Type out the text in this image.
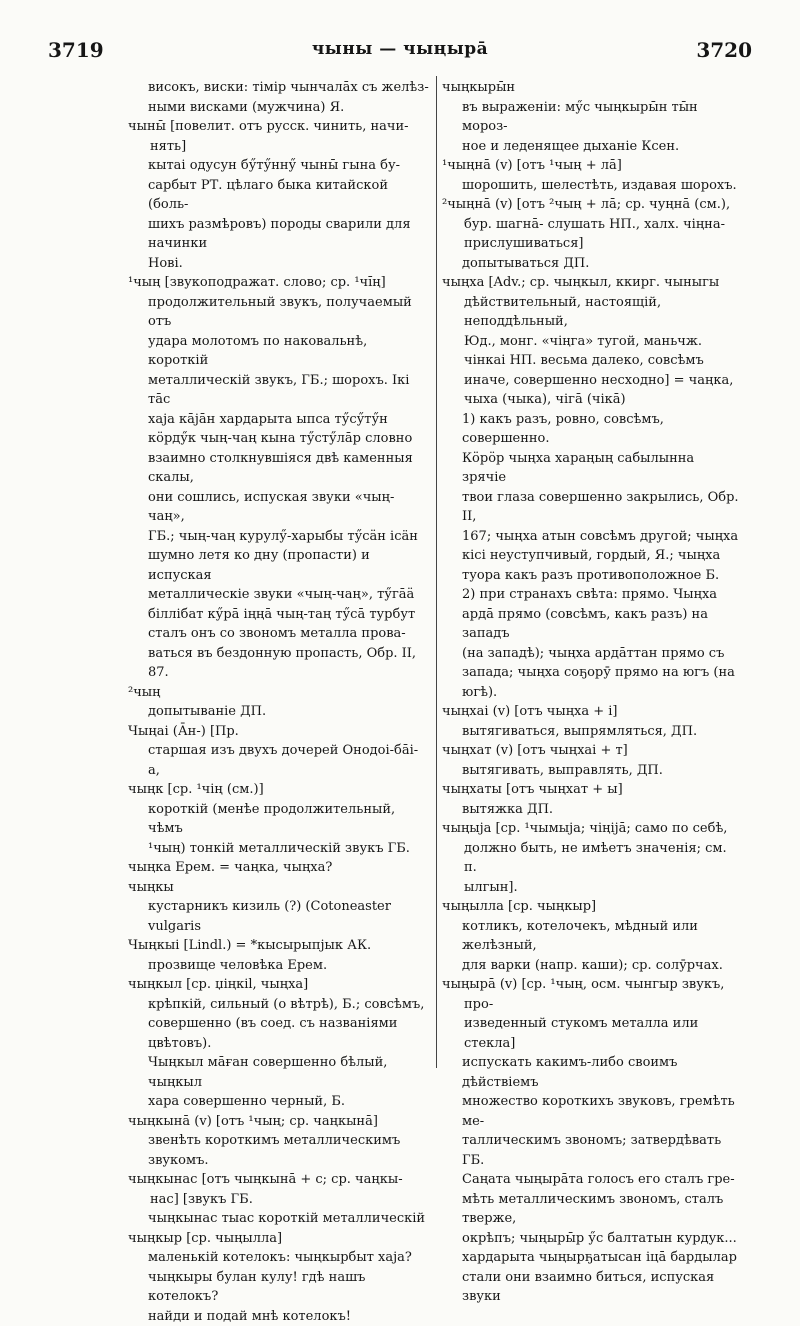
3719	чыны — чыңыра̄	3720

високъ, виски: тімір чынчала̄х съ желѣз-
ными висками (мужчина) Я.

чыны̄ [повелит. отъ русск. чинить, начи-
нять]

кытаі одусун бӳтӳннӳ чыны̄ гына бу-
сарбыт РТ. цѣлаго быка китайской (боль-
шихъ размѣровъ) породы сварили для начинки
Нові.

¹чың [звукоподражат. слово; ср. ¹чі̄ң]

продолжительный звукъ, получаемый отъ
удара молотомъ по наковальнѣ, короткій
металлическій звукъ, ГБ.; шорохъ. Ікі та̄с
хаја ка̄ја̄н хардарыта ыпса тӳсӳтӳн
кӧрдӳк чың-чаң кына тӳстӳла̄р словно
взаимно столкнувшіяся двѣ каменныя скалы,
они сошлись, испуская звуки «чың-чаң»,
ГБ.; чың-чаң курулӳ-харыбы тӳсӓн ісäн
шумно летя ко дну (пропасти) и испуская
металлическіе звуки «чың-чаң», тӳга̄ӓ
біллібат кӳра̄ іңңа̄ чың-таң тӳса̄ турбут
сталъ онъ со звономъ металла прова-
ваться въ бездонную пропасть, Обр. II, 87.

²чың

допытываніе ДП.

Чыңаі (А̄н-) [Пр.

старшая изъ двухъ дочерей Онодоі-ба̄і-а,

чыңк [ср. ¹чің (см.)]

короткій (менѣе продолжительный, чѣмъ
¹чың) тонкій металлическій звукъ ГБ.

чыңка Ерем. = чаңка, чыңха?

чыңкы

кустарникъ кизиль (?) (Cotoneaster vulgaris

Чыңкыі [Lindl.) = *кысырыпјык АК.

прозвище человѣка Ерем.

чыңкыл [ср. џіңкіl, чыңха]

крѣпкій, сильный (о вѣтрѣ), Б.; совсѣмъ,
совершенно (въ соед. съ названіями цвѣтовъ).
Чыңкыл ма̄ған совершенно бѣлый, чыңкыл
хара совершенно черный, Б.

чыңкына̄ (v) [отъ ¹чың; ср. чаңкына̄]

звенѣть короткимъ металлическимъ звукомъ.

чыңкынас [отъ чыңкына̄ + с; ср. чаңкы-
нас] [звукъ ГБ.

чыңкынас тыас короткій металлическій

чыңкыр [ср. чыңылла]

маленькій котелокъ: чыңкырбыт хаја?
чыңкыры булан кулу! гдѣ нашъ котелокъ?
найди и подай мнѣ котелокъ!

чыңкыры̄н

въ выраженіи: мӳс чыңкыры̄н ты̄н мороз-
ное и леденящее дыханіе Ксен.

¹чыңна̄ (v) [отъ ¹чың + ла̄]

шорошить, шелестѣть, издавая шорохъ.

²чыңна̄ (v) [отъ ²чың + ла̄; ср. чуңна̄ (см.),
бур. шагна̄- слушать НП., халх. чіңна-
прислушиваться]

допытываться ДП.

чыңха [Adv.; ср. чыңкыл, ккирг. чыныгы
дѣйствительный, настоящій, неподдѣльный,
Юд., монг. «чіңга» тугой, маньчж.
чінкаі НП. весьма далеко, совсѣмъ
иначе, совершенно несходно] = чаңка,
чыха (чыка), чіга̄ (чіка̄)

1) какъ разъ, ровно, совсѣмъ, совершенно.
Кӧрӧр чыңха хараңың сабылынна зрячіе
твои глаза совершенно закрылись, Обр. II,
167; чыңха атын совсѣмъ другой; чыңха
кісі неуступчивый, гордый, Я.; чыңха
туора какъ разъ противоположное Б.
2) при странахъ свѣта: прямо. Чыңха
арда̄ прямо (совсѣмъ, какъ разъ) на западъ
(на западѣ); чыңха арда̄ттан прямо съ
запада; чыңха соҕорӯ прямо на югъ (на югѣ).

чыңхаі (v) [отъ чыңха + і]

вытягиваться, выпрямляться, ДП.

чыңхат (v) [отъ чыңхаі + т]

вытягивать, выправлять, ДП.

чыңхаты [отъ чыңхат + ы]

вытяжка ДП.

чыңыја [ср. ¹чымыја; чіңіја̄; само по себѣ,
должно быть, не имѣетъ значенія; см. п.
ылгын].

чыңылла [ср. чыңкыр]

котликъ, котелочекъ, мѣдный или желѣзный,
для варки (напр. каши); ср. солӯрчах.

чыңыра̄ (v) [ср. ¹чың, осм. чынгыр звукъ, про-
изведенный стукомъ металла или стекла]

испускать какимъ-либо своимъ дѣйствіемъ
множество короткихъ звуковъ, гремѣть ме-
таллическимъ звономъ; затвердѣвать ГБ.
Саңата чыңыра̄та голосъ его сталъ гре-
мѣть металлическимъ звономъ, сталъ тверже,
окрѣпъ; чыңыры̄р ӳс балтатын курдук...
хардарыта чыңырҕатысан іца̄ бардылар
стали они взаимно биться, испуская звуки
